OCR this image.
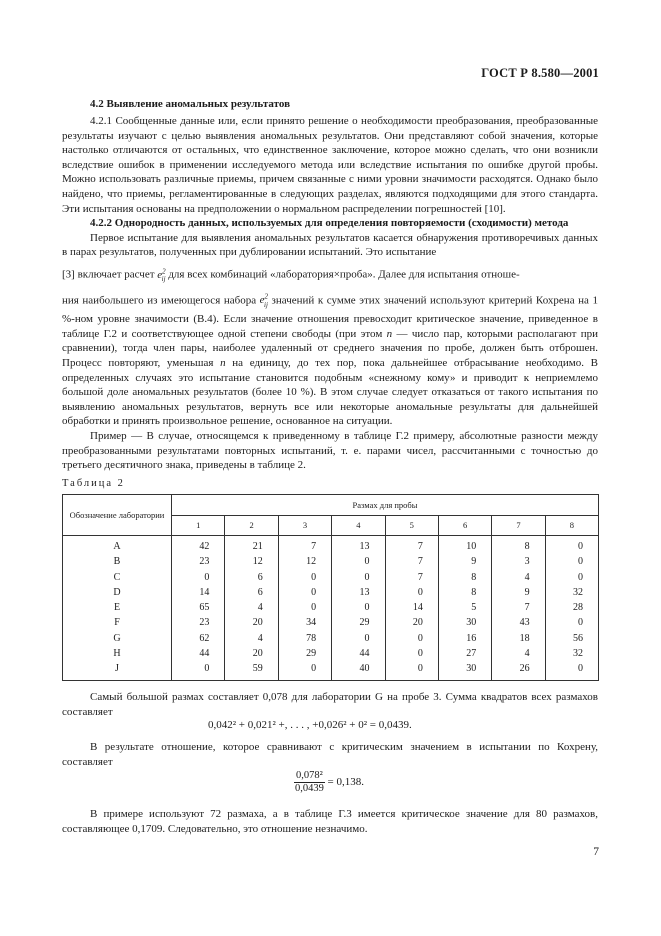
ГОСТ Р 8.580—2001
4.2 Выявление аномальных результатов

4.2.1 Сообщенные данные или, если принято решение о необходимости преобразования, преобразованные результаты изучают с целью выявления аномальных результатов. Они представляют собой значения, которые настолько отличаются от остальных, что единственное заключение, которое можно сделать, что они возникли вследствие ошибок в применении исследуемого метода или вследствие испытания по ошибке другой пробы. Можно использовать различные приемы, причем связанные с ними уровни значимости расходятся. Однако было найдено, что приемы, регламентированные в следующих разделах, являются подходящими для этого стандарта. Эти испытания основаны на предположении о нормальном распределении погрешностей [10].

4.2.2 Однородность данных, используемых для определения повторяемости (сходимости) метода

Первое испытание для выявления аномальных результатов касается обнаружения противоречивых данных в парах результатов, полученных при дублировании испытаний. Это испытание

[3] включает расчет $e^2_{ij}$ для всех комбинаций «лаборатория×проба». Далее для испытания отноше-

ния наибольшего из имеющегося набора $e^2_{ij}$ значений к сумме этих значений используют критерий Кохрена на 1 %-ном уровне значимости (В.4). Если значение отношения превосходит критическое значение, приведенное в таблице Г.2 и соответствующее одной степени свободы (при этом n — число пар, которыми располагают при сравнении), тогда член пары, наиболее удаленный от среднего значения по пробе, должен быть отброшен. Процесс повторяют, уменьшая n на единицу, до тех пор, пока дальнейшее отбрасывание необходимо. В определенных случаях это испытание становится подобным «снежному кому» и приводит к неприемлемо большой доле аномальных результатов (более 10 %). В этом случае следует отказаться от такого испытания по выявлению аномальных результатов, вернуть все или некоторые аномальные результаты для дальнейшей обработки и принять произвольное решение, основанное на ситуации.

Пример — В случае, относящемся к приведенному в таблице Г.2 примеру, абсолютные разности между преобразованными результатами повторных испытаний, т. е. парами чисел, рассчитанными с точностью до третьего десятичного знака, приведены в таблице 2.

Таблица 2
Обозначение лаборатории	Размах для пробы							
	1	2	3	4	5	6	7	8
A	42	21	7	13	7	10	8	0
B	23	12	12	0	7	9	3	0
C	0	6	0	0	7	8	4	0
D	14	6	0	13	0	8	9	32
E	65	4	0	0	14	5	7	28
F	23	20	34	29	20	30	43	0
G	62	4	78	0	0	16	18	56
H	44	20	29	44	0	27	4	32
J	0	59	0	40	0	30	26	0

Самый большой размах составляет 0,078 для лаборатории G на пробе 3. Сумма квадратов всех размахов составляет

0,042² + 0,021² +, . . . , +0,026² + 0² = 0,0439.

В результате отношение, которое сравнивают с критическим значением в испытании по Кохрену, составляет

$\frac{\text{0,078²}}{0,0439} = 0,138$.

В примере используют 72 размаха, а в таблице Г.3 имеется критическое значение для 80 размахов, составляющее 0,1709. Следовательно, это отношение незначимо.

7
